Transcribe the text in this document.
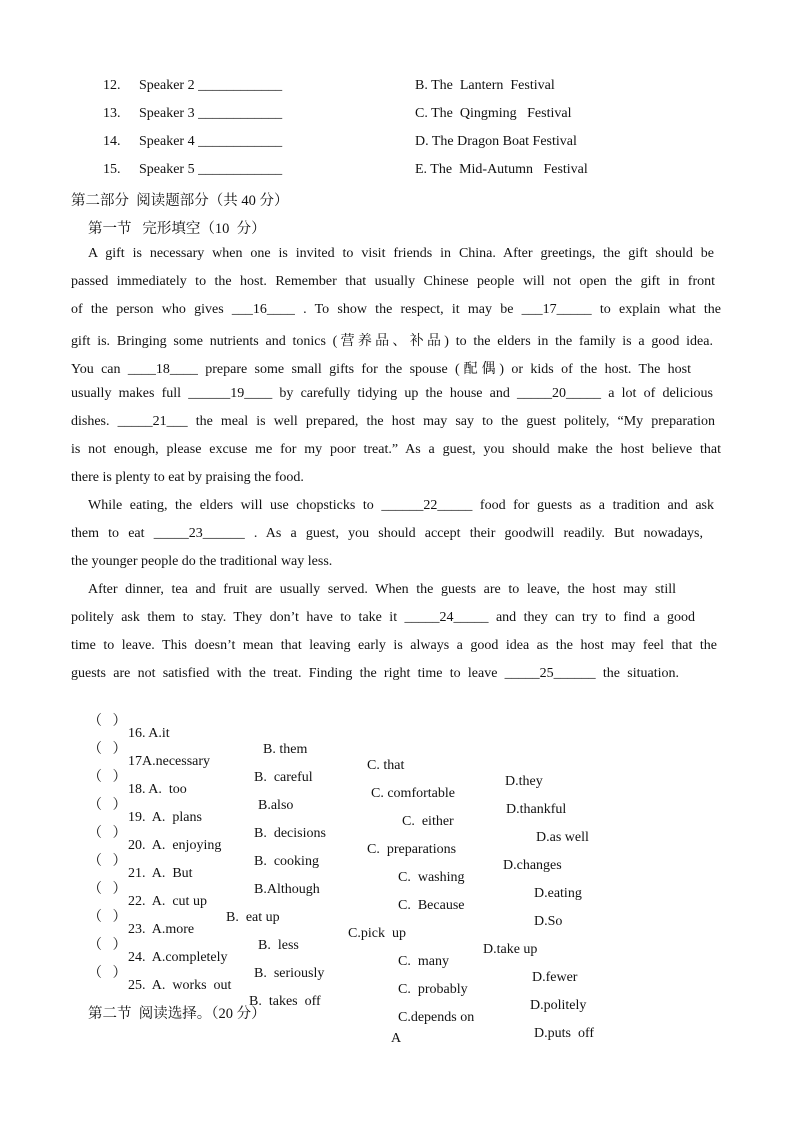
12. Speaker 2 ____________	B. The  Lantern  Festival
13. Speaker 3 ____________	C. The  Qingming   Festival
14. Speaker 4 ____________	D. The Dragon Boat Festival
15. Speaker 5 ____________	E. The  Mid-Autumn   Festival
第二部分  阅读题部分（共 40 分）
第一节   完形填空（10  分）
A gift is necessary when one is invited to visit friends in China. After greetings, the gift should be
passed immediately to the host. Remember that usually Chinese people will not open the gift in front
of the person who gives ___16____ . To show the respect, it may be ___17_____ to explain what the
gift is. Bringing some nutrients and tonics (营养品、补品) to the elders in the family is a good idea.
You can ____18____ prepare some small gifts for the spouse (配偶) or kids of the host. The host
usually makes full ______19____ by carefully tidying up the house and _____20_____ a lot of delicious
dishes. _____21___ the meal is well prepared, the host may say to the guest politely, “My preparation
is not enough, please excuse me for my poor treat.” As a guest, you should make the host believe that
there is plenty to eat by praising the food.
While eating, the elders will use chopsticks to ______22_____ food for guests as a tradition and ask
them to eat _____23______ . As a guest, you should accept their goodwill readily. But nowadays,
the younger people do the traditional way less.
After dinner, tea and fruit are usually served. When the guests are to leave, the host may still
politely ask them to stay. They don’t have to take it _____24_____ and they can try to find a good
time to leave. This doesn’t mean that leaving early is always a good idea as the host may feel that the
guests are not satisfied with the treat. Finding the right time to leave _____25______ the situation.

（   ）

16. A.it

B. them

C. that

D.they

（   ）

17A.necessary

B.  careful

C. comfortable

D.thankful

（   ）

18. A.  too

B.also

C.  either

D.as well

（   ）

19.  A.  plans

B.  decisions

C.  preparations

D.changes

（   ）

20.  A.  enjoying

B.  cooking

C.  washing

D.eating

（   ）

21.  A.  But

B.Although

C.  Because

D.So

（   ）

22.  A.  cut up

B.  eat up

C.pick  up

D.take up

（   ）

23.  A.more

B.  less

C.  many

D.fewer

（   ）

24.  A.completely

B.  seriously

C.  probably

D.politely

（   ）

25.  A.  works  out

B.  takes  off

C.depends on

D.puts  off

第二节  阅读选择。（20 分）
A
